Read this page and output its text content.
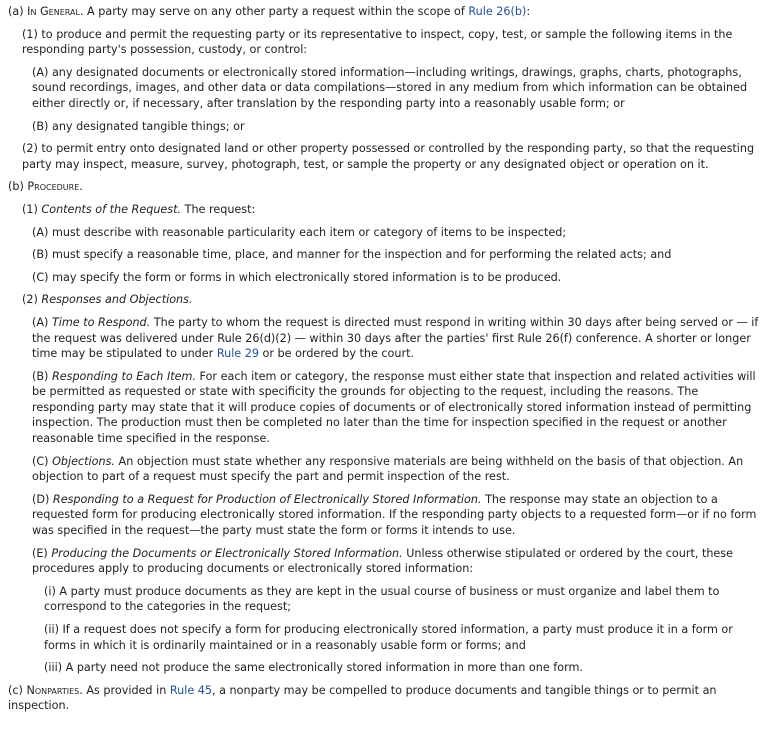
(a) In General. A party may serve on any other party a request within the scope of Rule 26(b):

(1) to produce and permit the requesting party or its representative to inspect, copy, test, or sample the following items in the responding party's possession, custody, or control:

(A) any designated documents or electronically stored information—including writings, drawings, graphs, charts, photographs, sound recordings, images, and other data or data compilations—stored in any medium from which information can be obtained either directly or, if necessary, after translation by the responding party into a reasonably usable form; or

(B) any designated tangible things; or

(2) to permit entry onto designated land or other property possessed or controlled by the responding party, so that the requesting party may inspect, measure, survey, photograph, test, or sample the property or any designated object or operation on it.

(b) Procedure.

(1) Contents of the Request. The request:

(A) must describe with reasonable particularity each item or category of items to be inspected;

(B) must specify a reasonable time, place, and manner for the inspection and for performing the related acts; and

(C) may specify the form or forms in which electronically stored information is to be produced.

(2) Responses and Objections.

(A) Time to Respond. The party to whom the request is directed must respond in writing within 30 days after being served or — if the request was delivered under Rule 26(d)(2) — within 30 days after the parties' first Rule 26(f) conference. A shorter or longer time may be stipulated to under Rule 29 or be ordered by the court.

(B) Responding to Each Item. For each item or category, the response must either state that inspection and related activities will be permitted as requested or state with specificity the grounds for objecting to the request, including the reasons. The responding party may state that it will produce copies of documents or of electronically stored information instead of permitting inspection. The production must then be completed no later than the time for inspection specified in the request or another reasonable time specified in the response.

(C) Objections. An objection must state whether any responsive materials are being withheld on the basis of that objection. An objection to part of a request must specify the part and permit inspection of the rest.

(D) Responding to a Request for Production of Electronically Stored Information. The response may state an objection to a requested form for producing electronically stored information. If the responding party objects to a requested form—or if no form was specified in the request—the party must state the form or forms it intends to use.

(E) Producing the Documents or Electronically Stored Information. Unless otherwise stipulated or ordered by the court, these procedures apply to producing documents or electronically stored information:

(i) A party must produce documents as they are kept in the usual course of business or must organize and label them to correspond to the categories in the request;

(ii) If a request does not specify a form for producing electronically stored information, a party must produce it in a form or forms in which it is ordinarily maintained or in a reasonably usable form or forms; and

(iii) A party need not produce the same electronically stored information in more than one form.

(c) Nonparties. As provided in Rule 45, a nonparty may be compelled to produce documents and tangible things or to permit an inspection.
